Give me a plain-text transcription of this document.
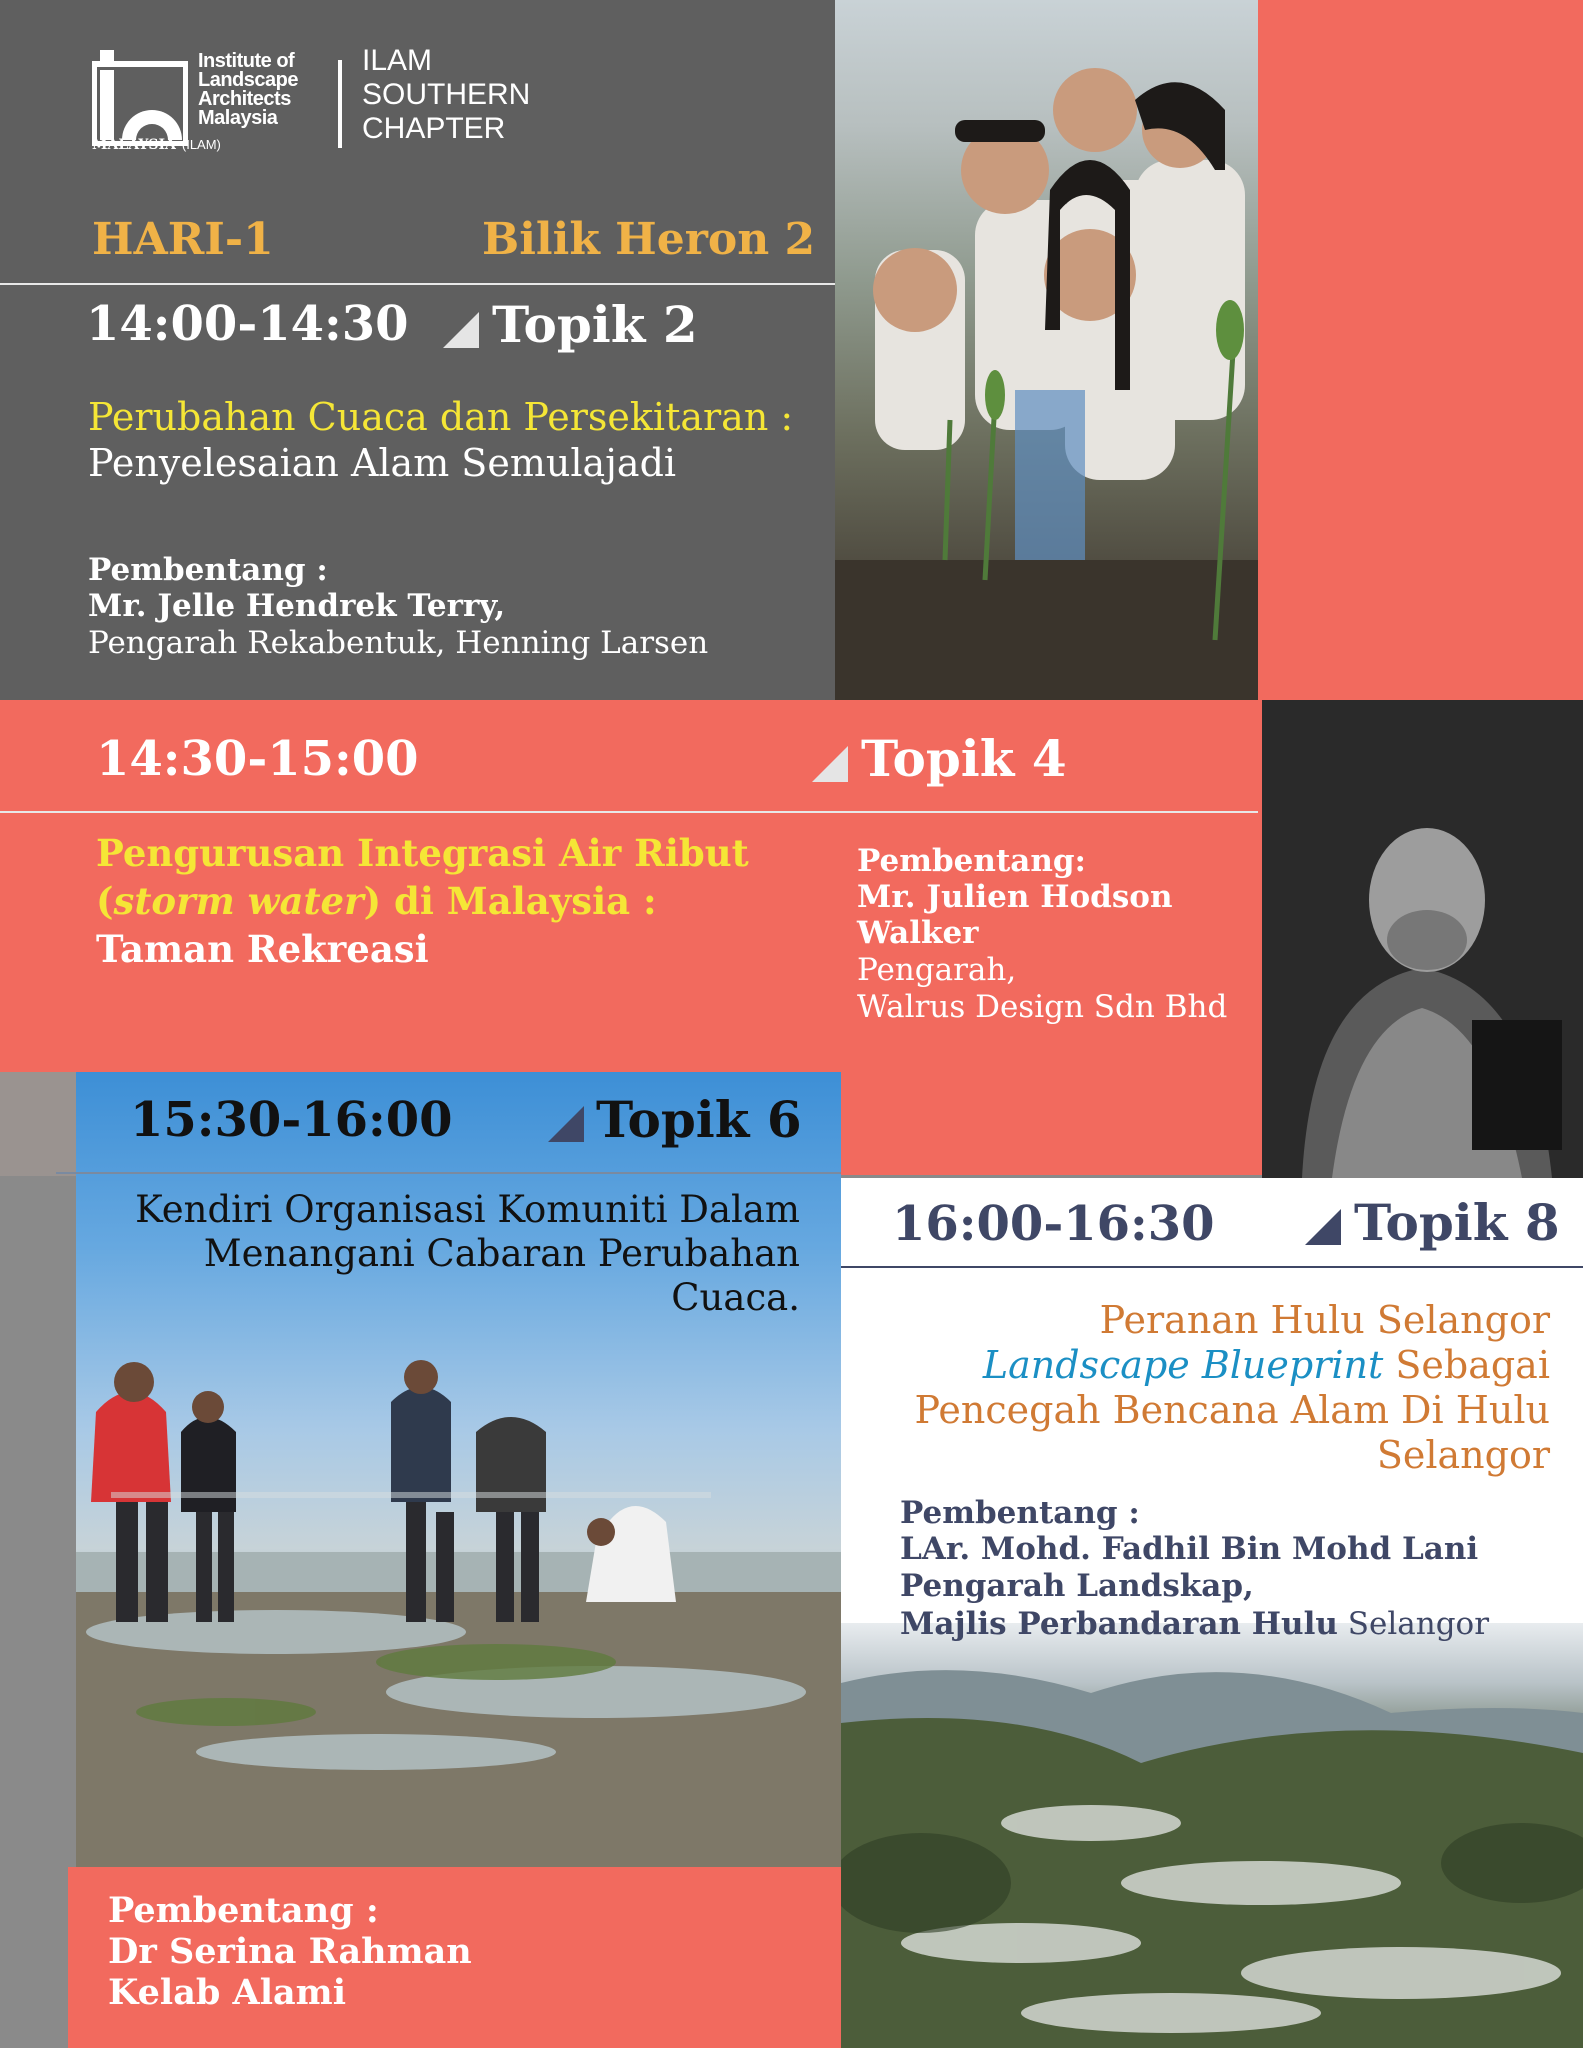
Institute of
Landscape
Architects
Malaysia
MALAYSIA (ILAM)
ILAM
SOUTHERN
CHAPTER
HARI-1	Bilik Heron 2
14:00-14:30 Topik 2
Perubahan Cuaca dan Persekitaran :
Penyelesaian Alam Semulajadi
Pembentang :
Mr. Jelle Hendrek Terry,
Pengarah Rekabentuk, Henning Larsen
14:30-15:00	Topik 4
Pengurusan Integrasi Air Ribut
(storm water) di Malaysia :
Taman Rekreasi
Pembentang:
Mr. Julien Hodson
Walker
Pengarah,
Walrus Design Sdn Bhd
15:30-16:00	Topik 6
Kendiri Organisasi Komuniti Dalam
Menangani Cabaran Perubahan
Cuaca.
Pembentang :
Dr Serina Rahman
Kelab Alami
16:00-16:30	Topik 8
Peranan Hulu Selangor
Landscape Blueprint Sebagai
Pencegah Bencana Alam Di Hulu
Selangor
Pembentang :
LAr. Mohd. Fadhil Bin Mohd Lani
Pengarah Landskap,
Majlis Perbandaran Hulu Selangor
